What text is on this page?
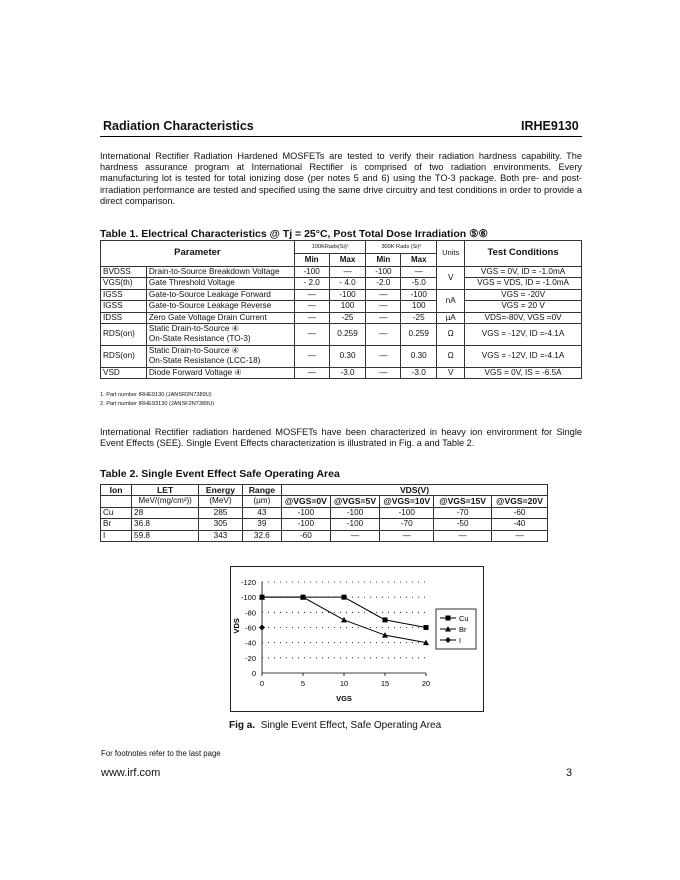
Radiation Characteristics	IRHE9130
International Rectifier Radiation Hardened MOSFETs are tested to verify their radiation hardness capability. The hardness assurance program at International Rectifier is comprised of two radiation environments. Every manufacturing lot is tested for total ionizing dose (per notes 5 and 6) using the TO-3 package. Both pre- and post-irradiation performance are tested and specified using the same drive circuitry and test conditions in order to provide a direct comparison.
Table 1. Electrical Characteristics @ Tj = 25°C, Post Total Dose Irradiation ⑤⑥
Parameter		100KRads(Si)¹		300K Rads (Si)²		Units	Test Conditions
		Min	Max	Min	Max		
BVDSS	Drain-to-Source Breakdown Voltage	-100	—	-100	—	V	VGS = 0V, ID = -1.0mA
VGS(th)	Gate Threshold Voltage	- 2.0	- 4.0	-2.0	-5.0		VGS = VDS, ID = -1.0mA
IGSS	Gate-to-Source Leakage Forward	—	-100	—	-100	nA	VGS = -20V
IGSS	Gate-to-Source Leakage Reverse	—	100	—	100		VGS = 20 V
IDSS	Zero Gate Voltage Drain Current	—	-25	—	-25	µA	VDS=-80V, VGS =0V
RDS(on)	Static Drain-to-Source ④
On-State Resistance (TO-3)	—	0.259	—	0.259	Ω	VGS = -12V, ID =-4.1A
RDS(on)	Static Drain-to-Source ④
On-State Resistance (LCC-18)	—	0.30	—	0.30	Ω	VGS = -12V, ID =-4.1A
VSD	Diode Forward Voltage ④	—	-3.0	—	-3.0	V	VGS = 0V, IS = -6.5A
1. Part number IRHE9130 (JANSR2N7389U)
2. Part number IRHE93130 (JANSF2N7389U)
International Rectifier radiation hardened MOSFETs have been characterized in heavy ion environment for Single Event Effects (SEE). Single Event Effects characterization is illustrated in Fig. a and Table 2.
Table 2. Single Event Effect Safe Operating Area
Ion	LET	Energy	Range	VDS(V)				
	MeV/(mg/cm²))	(MeV)	(µm)	@VGS=0V	@VGS=5V	@VGS=10V	@VGS=15V	@VGS=20V
Cu	28	285	43	-100	-100	-100	-70	-60
Br	36.8	305	39	-100	-100	-70	-50	-40
I	59.8	343	32.6	-60	—	—	—	—
0
-20
-40
-60
-80
-100
-120
0	5	10	15	20
VDS
VGS
Cu
Br
I
Fig a. Single Event Effect, Safe Operating Area
For footnotes refer to the last page
www.irf.com	3
